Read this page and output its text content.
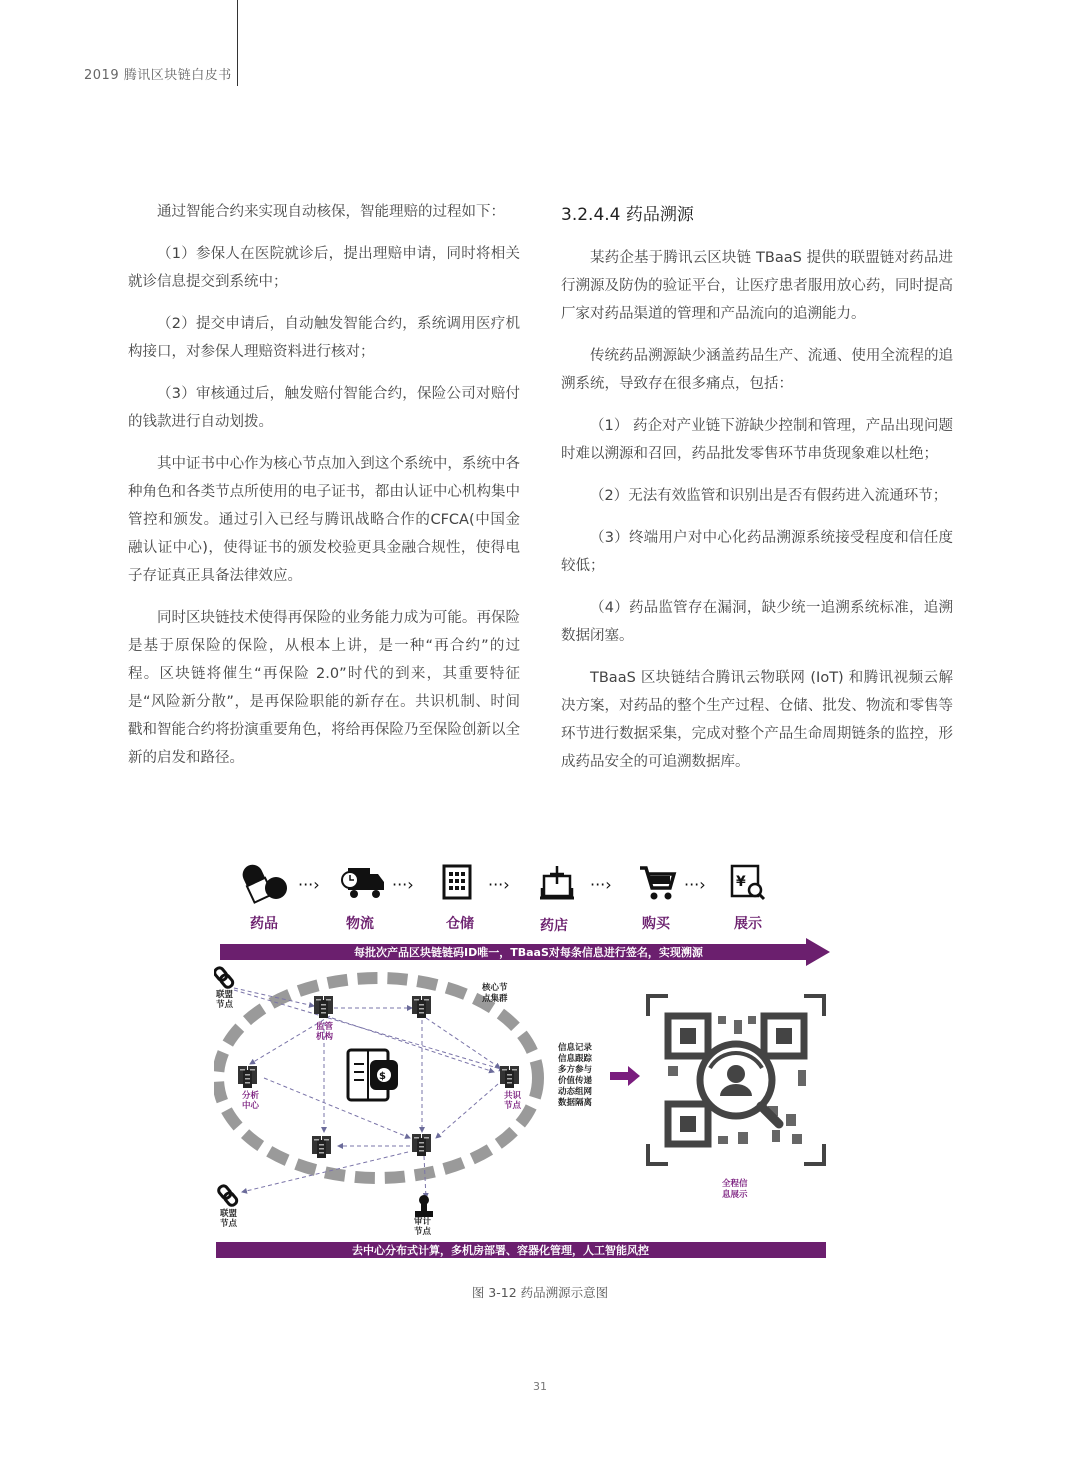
2019 腾讯区块链白皮书

通过智能合约来实现自动核保，智能理赔的过程如下：

（1）参保人在医院就诊后，提出理赔申请，同时将相关就诊信息提交到系统中；

（2）提交申请后，自动触发智能合约，系统调用医疗机构接口，对参保人理赔资料进行核对；

（3）审核通过后，触发赔付智能合约，保险公司对赔付的钱款进行自动划拨。

其中证书中心作为核心节点加入到这个系统中，系统中各种角色和各类节点所使用的电子证书，都由认证中心机构集中管控和颁发。通过引入已经与腾讯战略合作的CFCA(中国金融认证中心)，使得证书的颁发校验更具金融合规性，使得电子存证真正具备法律效应。

同时区块链技术使得再保险的业务能力成为可能。再保险是基于原保险的保险，从根本上讲，是一种“再合约”的过程。区块链将催生“再保险 2.0”时代的到来，其重要特征是“风险新分散”，是再保险职能的新存在。共识机制、时间戳和智能合约将扮演重要角色，将给再保险乃至保险创新以全新的启发和路径。

3.2.4.4 药品溯源

某药企基于腾讯云区块链 TBaaS 提供的联盟链对药品进行溯源及防伪的验证平台，让医疗患者服用放心药，同时提高厂家对药品渠道的管理和产品流向的追溯能力。

传统药品溯源缺少涵盖药品生产、流通、使用全流程的追溯系统，导致存在很多痛点，包括：

（1） 药企对产业链下游缺少控制和管理，产品出现问题时难以溯源和召回，药品批发零售环节串货现象难以杜绝；

（2）无法有效监管和识别出是否有假药进入流通环节；

（3）终端用户对中心化药品溯源系统接受程度和信任度较低；

（4）药品监管存在漏洞，缺少统一追溯系统标准，追溯数据闭塞。

TBaaS 区块链结合腾讯云物联网 (IoT) 和腾讯视频云解决方案，对药品的整个生产过程、仓储、批发、物流和零售等环节进行数据采集，完成对整个产品生命周期链条的监控，形成药品安全的可追溯数据库。

···›	···›	···›	···›	···› ¥
药品	物流	仓储	药店	购买	展示
每批次产品区块链链码ID唯一，TBaaS对每条信息进行签名，实现溯源
核心节
点集群
监管
机构
分析
中心
共识
节点
$
联盟
节点
联盟
节点	审计
节点
信息记录
信息跟踪
多方参与
价值传递
动态组网
数据隔离
全程信
息展示
去中心分布式计算，多机房部署、容器化管理，人工智能风控
图 3-12 药品溯源示意图
31
